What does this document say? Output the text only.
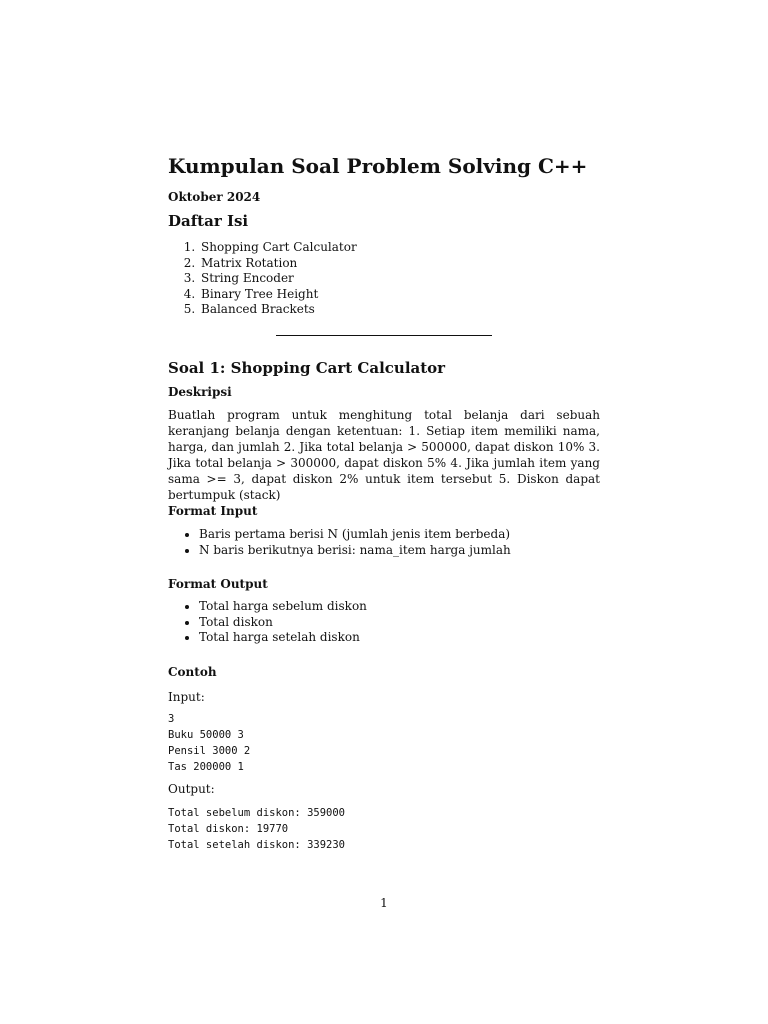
Kumpulan Soal Problem Solving C++
Oktober 2024
Daftar Isi
1. Shopping Cart Calculator
2. Matrix Rotation
3. String Encoder
4. Binary Tree Height
5. Balanced Brackets
Soal 1: Shopping Cart Calculator
Deskripsi

Buatlah program untuk menghitung total belanja dari sebuah keranjang belanja dengan ketentuan: 1. Setiap item memiliki nama, harga, dan jumlah 2. Jika total belanja > 500000, dapat diskon 10% 3. Jika total belanja > 300000, dapat diskon 5% 4. Jika jumlah item yang sama >= 3, dapat diskon 2% untuk item tersebut 5. Diskon dapat bertumpuk (stack)

Format Input
• Baris pertama berisi N (jumlah jenis item berbeda)
• N baris berikutnya berisi: nama_item harga jumlah
Format Output
• Total harga sebelum diskon
• Total diskon
• Total harga setelah diskon
Contoh
Input:
3
Buku 50000 3
Pensil 3000 2
Tas 200000 1
Output:
Total sebelum diskon: 359000
Total diskon: 19770
Total setelah diskon: 339230
1
